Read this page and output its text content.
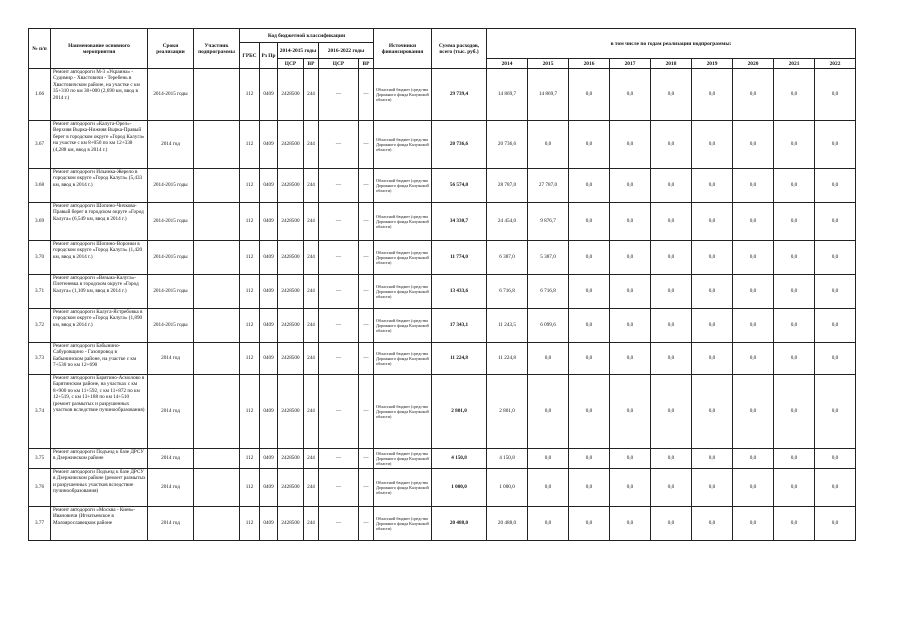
№ п/п	Наименование основного мероприятия	Сроки реализации	Участник подпрограммы	Код бюджетной классификации						Источники финансирования	Сумма расходов, всего (тыс. руб.)	в том числе по годам реализации подпрограммы:								
				ГРБС	Рз Пр	2014-2015 годы		2016-2022 годы												
						ЦСР	ВР	ЦСР	ВР			2014	2015	2016	2017	2018	2019	2020	2021	2022
1.66	Ремонт автодороги М-3 «Украина» - Судимир - Хвастовичи - Теребень в Хвастовичском районе, на участке с км 35+310 по км 38+000 (2,690 км, ввод в 2014 г.)	2014-2015 годы		112	0409	2428500	244	—	—	Областной бюджет (средства Дорожного фонда Калужской области)	29 739,4	14 869,7	14 869,7	0,0	0,0	0,0	0,0	0,0	0,0	0,0
3.67	Ремонт автодороги «Калуга-Орел»-Верхняя Вырка-Нижняя Вырка-Правый берег в городском округе «Город Калуга» на участке с км 8+050 по км 12+338 (4,288 км, ввод в 2014 г.)	2014 год		112	0409	2428500	244	—	—	Областной бюджет (средства Дорожного фонда Калужской области)	20 736,6	20 736,6	0,0	0,0	0,0	0,0	0,0	0,0	0,0	0,0
3.68	Ремонт автодороги Ильинка-Жерело в городском округе «Город Калуга» (5,433 км, ввод в 2014 г.)	2014-2015 годы		112	0409	2428500	244	—	—	Областной бюджет (средства Дорожного фонда Калужской области)	56 574,0	28 787,0	27 787,0	0,0	0,0	0,0	0,0	0,0	0,0	0,0
3.69	Ремонт автодороги Шопино-Чичкова-Правый берег в городском округе «Город Калуга» (6,549 км, ввод в 2014 г.)	2014-2015 годы		112	0409	2428500	244	—	—	Областной бюджет (средства Дорожного фонда Калужской области)	34 330,7	24 454,0	9 876,7	0,0	0,0	0,0	0,0	0,0	0,0	0,0
3.70	Ремонт автодороги Шопино-Воронки в городском округе «Город Калуга» (1,420 км, ввод в 2014 г.)	2014-2015 годы		112	0409	2428500	244	—	—	Областной бюджет (средства Дорожного фонда Калужской области)	11 774,0	6 387,0	5 387,0	0,0	0,0	0,0	0,0	0,0	0,0	0,0
3.71	Ремонт автодороги «Вязьма-Калуга»-Плетеневка в городском округе «Город Калуга» (1,109 км, ввод в 2014 г.)	2014-2015 годы		112	0409	2428500	244	—	—	Областной бюджет (средства Дорожного фонда Калужской области)	13 433,6	6 716,8	6 716,8	0,0	0,0	0,0	0,0	0,0	0,0	0,0
3.72	Ремонт автодороги Калуга-Ястребовка в городском округе «Город Калуга» (1,890 км, ввод в 2014 г.)	2014-2015 годы		112	0409	2428500	244	—	—	Областной бюджет (средства Дорожного фонда Калужской области)	17 343,1	11 243,5	6 099,6	0,0	0,0	0,0	0,0	0,0	0,0	0,0
3.73	Ремонт автодороги Бабынино-Сабуровщино - Газопровод в Бабынинском районе, на участке с км 7+530 по км 12+690	2014 год		112	0409	2428500	244	—	—	Областной бюджет (средства Дорожного фонда Калужской области)	11 224,8	11 224,8	0,0	0,0	0,0	0,0	0,0	0,0	0,0	0,0
3.74	Ремонт автодороги Барятино-Асмолово в Барятинском районе, на участках с км 8+900 по км 11+592, с км 11+872 по км 12+519, с км 13+188 по км 14+510 (ремонт размытых и разрушенных участков вследствие пучинообразования)	2014 год		112	0409	2428500	244	—	—	Областной бюджет (средства Дорожного фонда Калужской области)	2 801,0	2 801,0	0,0	0,0	0,0	0,0	0,0	0,0	0,0	0,0
3.75	Ремонт автодороги Подъезд к базе ДРСУ в Дзержинском районе	2014 год		112	0409	2428500	244	—	—	Областной бюджет (средства Дорожного фонда Калужской области)	4 150,8	4 150,8	0,0	0,0	0,0	0,0	0,0	0,0	0,0	0,0
3.76	Ремонт автодороги Подъезд к базе ДРСУ в Дзержинском районе (ремонт размытых и разрушенных участков вследствие пучинообразования)	2014 год		112	0409	2428500	244	—	—	Областной бюджет (средства Дорожного фонда Калужской области)	1 000,0	1 000,0	0,0	0,0	0,0	0,0	0,0	0,0	0,0	0,0
3.77	Ремонт автодороги «Москва - Киев»-Ивановичи (Игнатьевское в Малоярославецком районе	2014 год		112	0409	2428500	244	—	—	Областной бюджет (средства Дорожного фонда Калужской области)	20 488,0	20 488,0	0,0	0,0	0,0	0,0	0,0	0,0	0,0	0,0
